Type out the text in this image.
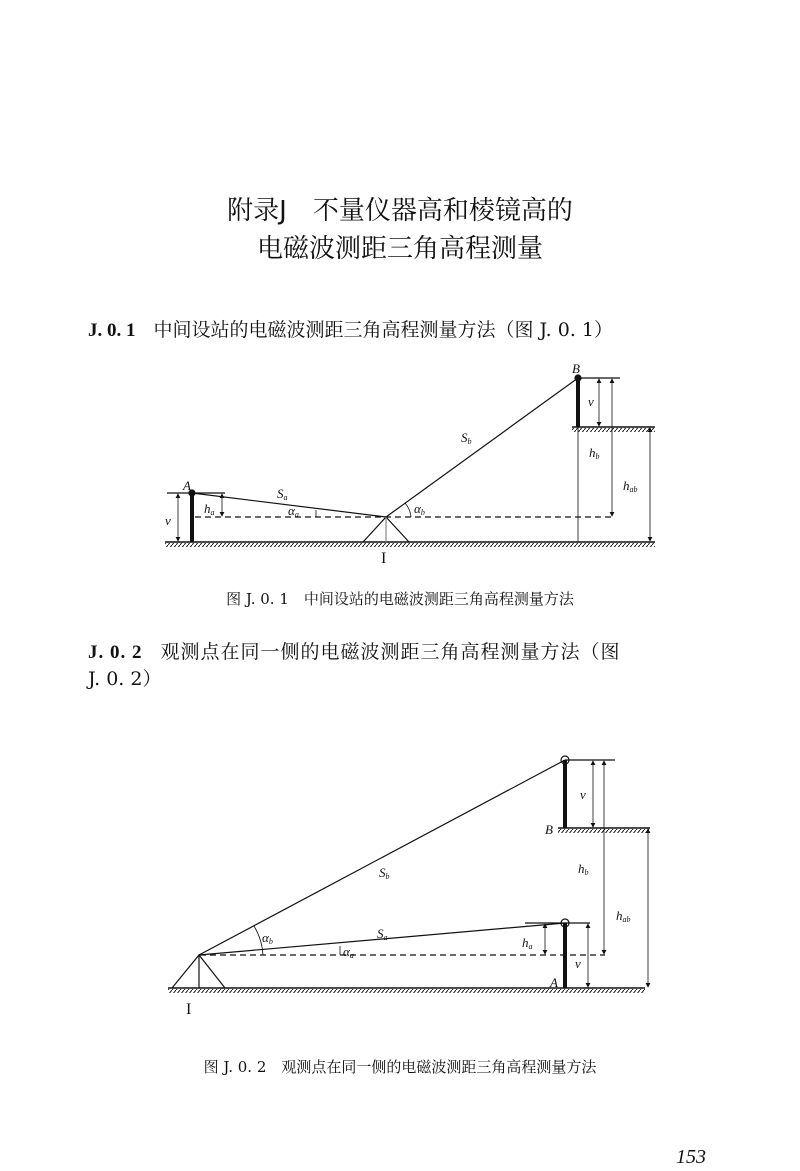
附录J　不量仪器高和棱镜高的
电磁波测距三角高程测量
J. 0. 1 中间设站的电磁波测距三角高程测量方法（图 J. 0. 1）
图 J. 0. 1　中间设站的电磁波测距三角高程测量方法
J. 0. 2 观测点在同一侧的电磁波测距三角高程测量方法（图
J. 0. 2）
图 J. 0. 2　观测点在同一侧的电磁波测距三角高程测量方法
153
A
B
I
Sa
Sb
ha
v
v
αa	αb
hb
hab
B
A
I
Sb
Sa
αb
αa
ha
v
v
hb
hab
